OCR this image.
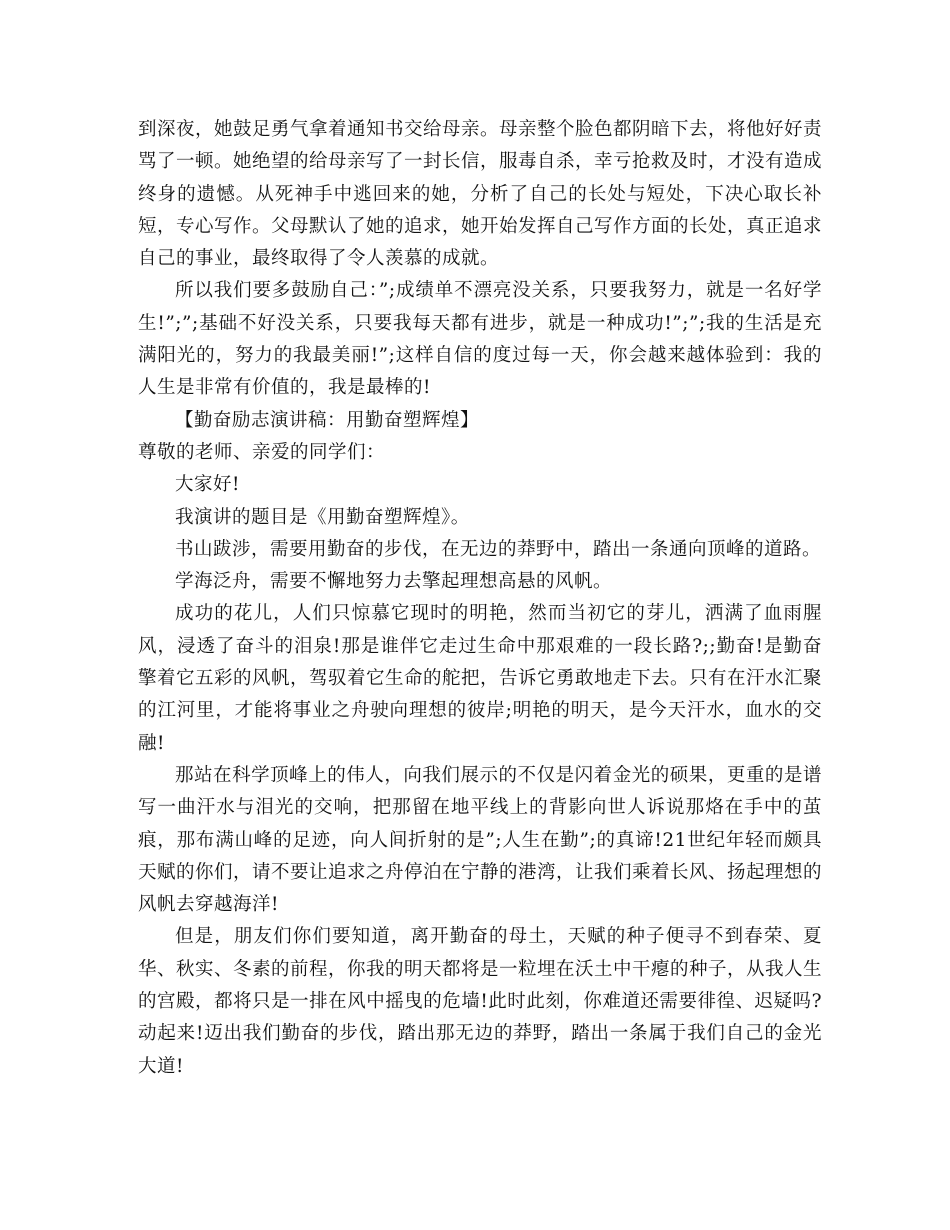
到深夜，她鼓足勇气拿着通知书交给母亲。母亲整个脸色都阴暗下去，将他好好责骂了一顿。她绝望的给母亲写了一封长信，服毒自杀，幸亏抢救及时，才没有造成终身的遗憾。从死神手中逃回来的她，分析了自己的长处与短处，下决心取长补短，专心写作。父母默认了她的追求，她开始发挥自己写作方面的长处，真正追求自己的事业，最终取得了令人羡慕的成就。

所以我们要多鼓励自己：”;成绩单不漂亮没关系，只要我努力，就是一名好学生!”;”;基础不好没关系，只要我每天都有进步，就是一种成功!”;”;我的生活是充满阳光的，努力的我最美丽!”;这样自信的度过每一天，你会越来越体验到：我的人生是非常有价值的，我是最棒的!

【勤奋励志演讲稿：用勤奋塑辉煌】

尊敬的老师、亲爱的同学们：

大家好!

我演讲的题目是《用勤奋塑辉煌》。

书山跋涉，需要用勤奋的步伐，在无边的莽野中，踏出一条通向顶峰的道路。

学海泛舟，需要不懈地努力去擎起理想高悬的风帆。

成功的花儿，人们只惊慕它现时的明艳，然而当初它的芽儿，洒满了血雨腥风，浸透了奋斗的泪泉!那是谁伴它走过生命中那艰难的一段长路?;;勤奋!是勤奋擎着它五彩的风帆，驾驭着它生命的舵把，告诉它勇敢地走下去。只有在汗水汇聚的江河里，才能将事业之舟驶向理想的彼岸;明艳的明天，是今天汗水，血水的交融!

那站在科学顶峰上的伟人，向我们展示的不仅是闪着金光的硕果，更重的是谱写一曲汗水与泪光的交响，把那留在地平线上的背影向世人诉说那烙在手中的茧痕，那布满山峰的足迹，向人间折射的是”;人生在勤”;的真谛!21世纪年轻而颇具天赋的你们，请不要让追求之舟停泊在宁静的港湾，让我们乘着长风、扬起理想的风帆去穿越海洋!

但是，朋友们你们要知道，离开勤奋的母土，天赋的种子便寻不到春荣、夏华、秋实、冬素的前程，你我的明天都将是一粒埋在沃土中干瘪的种子，从我人生的宫殿，都将只是一排在风中摇曳的危墙!此时此刻，你难道还需要徘徨、迟疑吗?动起来!迈出我们勤奋的步伐，踏出那无边的莽野，踏出一条属于我们自己的金光大道!
